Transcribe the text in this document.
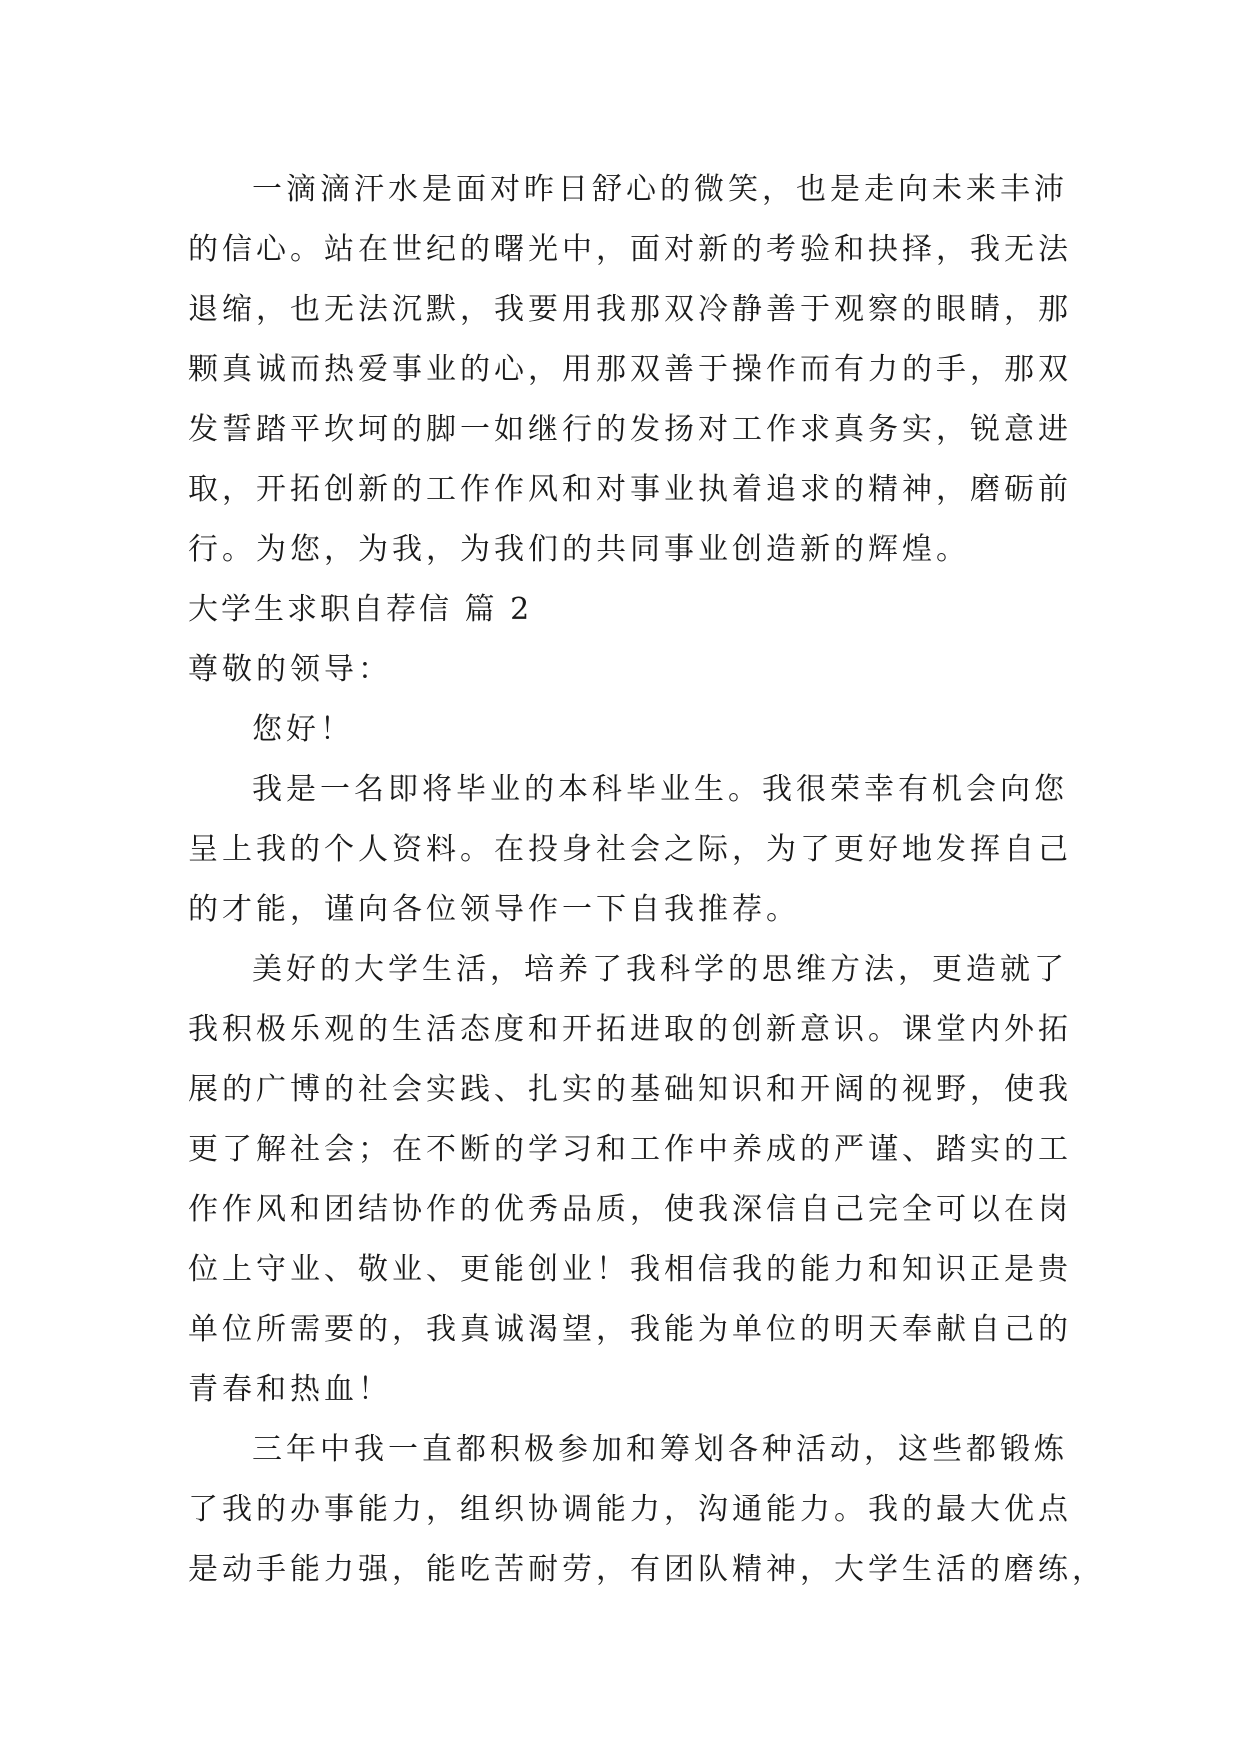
一滴滴汗水是面对昨日舒心的微笑，也是走向未来丰沛
的信心。站在世纪的曙光中，面对新的考验和抉择，我无法
退缩，也无法沉默，我要用我那双冷静善于观察的眼睛，那
颗真诚而热爱事业的心，用那双善于操作而有力的手，那双
发誓踏平坎坷的脚一如继行的发扬对工作求真务实，锐意进
取，开拓创新的工作作风和对事业执着追求的精神，磨砺前
行。为您，为我，为我们的共同事业创造新的辉煌。
大学生求职自荐信 篇 2
尊敬的领导：
您好！
我是一名即将毕业的本科毕业生。我很荣幸有机会向您
呈上我的个人资料。在投身社会之际，为了更好地发挥自己
的才能，谨向各位领导作一下自我推荐。
美好的大学生活，培养了我科学的思维方法，更造就了
我积极乐观的生活态度和开拓进取的创新意识。课堂内外拓
展的广博的社会实践、扎实的基础知识和开阔的视野，使我
更了解社会；在不断的学习和工作中养成的严谨、踏实的工
作作风和团结协作的优秀品质，使我深信自己完全可以在岗
位上守业、敬业、更能创业！我相信我的能力和知识正是贵
单位所需要的，我真诚渴望，我能为单位的明天奉献自己的
青春和热血！
三年中我一直都积极参加和筹划各种活动，这些都锻炼
了我的办事能力，组织协调能力，沟通能力。我的最大优点
是动手能力强，能吃苦耐劳，有团队精神，大学生活的磨练，
